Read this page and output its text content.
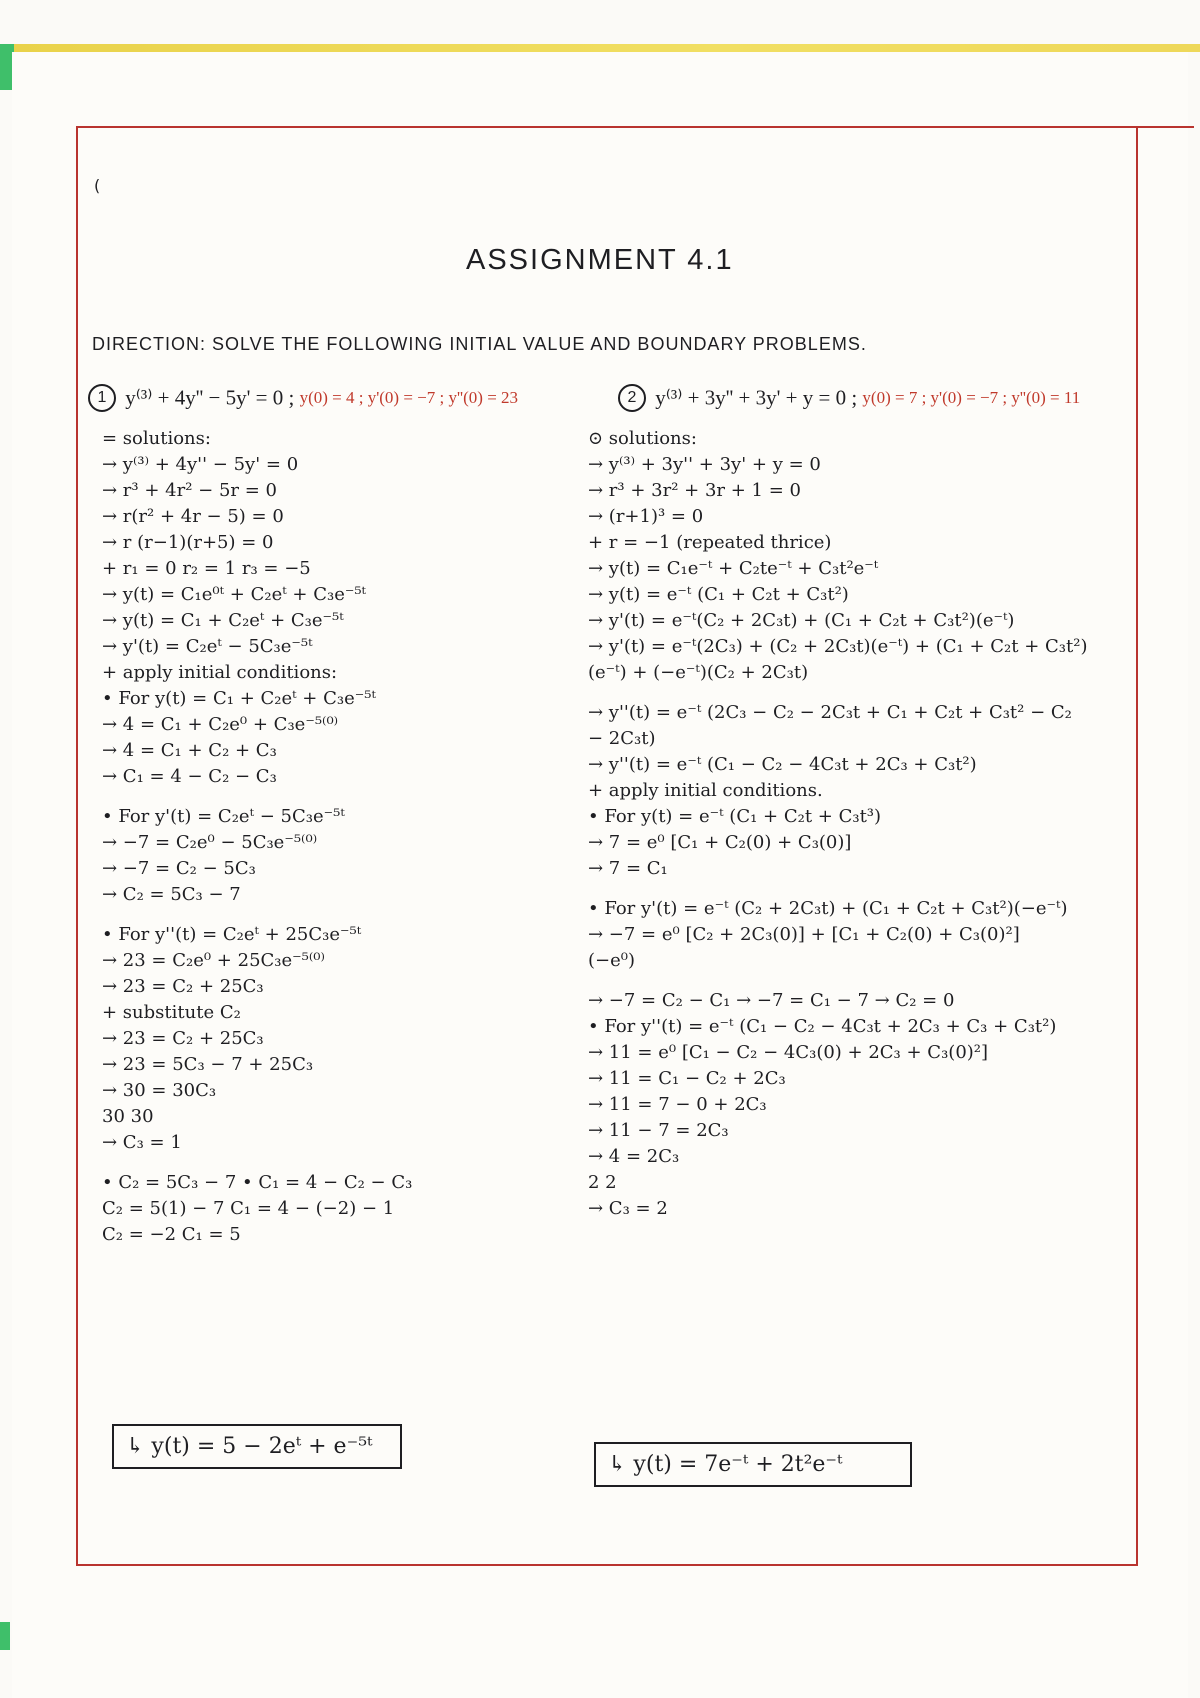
(
ASSIGNMENT 4.1
DIRECTION: SOLVE THE FOLLOWING INITIAL VALUE AND BOUNDARY PROBLEMS.
1 y⁽³⁾ + 4y'' − 5y' = 0 ; y(0) = 4 ; y'(0) = −7 ; y''(0) = 23	2 y⁽³⁾ + 3y'' + 3y' + y = 0 ; y(0) = 7 ; y'(0) = −7 ; y''(0) = 11
= solutions:
→ y⁽³⁾ + 4y'' − 5y' = 0
→ r³ + 4r² − 5r = 0
→ r(r² + 4r − 5) = 0
→ r (r−1)(r+5) = 0
+ r₁ = 0 r₂ = 1 r₃ = −5
→ y(t) = C₁e⁰ᵗ + C₂eᵗ + C₃e⁻⁵ᵗ
→ y(t) = C₁ + C₂eᵗ + C₃e⁻⁵ᵗ
→ y'(t) = C₂eᵗ − 5C₃e⁻⁵ᵗ
+ apply initial conditions:
• For y(t) = C₁ + C₂eᵗ + C₃e⁻⁵ᵗ
→ 4 = C₁ + C₂e⁰ + C₃e⁻⁵⁽⁰⁾
→ 4 = C₁ + C₂ + C₃
→ C₁ = 4 − C₂ − C₃
• For y'(t) = C₂eᵗ − 5C₃e⁻⁵ᵗ
→ −7 = C₂e⁰ − 5C₃e⁻⁵⁽⁰⁾
→ −7 = C₂ − 5C₃
→ C₂ = 5C₃ − 7
• For y''(t) = C₂eᵗ + 25C₃e⁻⁵ᵗ
→ 23 = C₂e⁰ + 25C₃e⁻⁵⁽⁰⁾
→ 23 = C₂ + 25C₃
+ substitute C₂
→ 23 = C₂ + 25C₃
→ 23 = 5C₃ − 7 + 25C₃
→ 30 = 30C₃
30 30
→ C₃ = 1
• C₂ = 5C₃ − 7 • C₁ = 4 − C₂ − C₃
C₂ = 5(1) − 7 C₁ = 4 − (−2) − 1
C₂ = −2 C₁ = 5
⊙ solutions:
→ y⁽³⁾ + 3y'' + 3y' + y = 0
→ r³ + 3r² + 3r + 1 = 0
→ (r+1)³ = 0
+ r = −1 (repeated thrice)
→ y(t) = C₁e⁻ᵗ + C₂te⁻ᵗ + C₃t²e⁻ᵗ
→ y(t) = e⁻ᵗ (C₁ + C₂t + C₃t²)
→ y'(t) = e⁻ᵗ(C₂ + 2C₃t) + (C₁ + C₂t + C₃t²)(e⁻ᵗ)
→ y'(t) = e⁻ᵗ(2C₃) + (C₂ + 2C₃t)(e⁻ᵗ) + (C₁ + C₂t + C₃t²)
(e⁻ᵗ) + (−e⁻ᵗ)(C₂ + 2C₃t)
→ y''(t) = e⁻ᵗ (2C₃ − C₂ − 2C₃t + C₁ + C₂t + C₃t² − C₂
− 2C₃t)
→ y''(t) = e⁻ᵗ (C₁ − C₂ − 4C₃t + 2C₃ + C₃t²)
+ apply initial conditions.
• For y(t) = e⁻ᵗ (C₁ + C₂t + C₃t³)
→ 7 = e⁰ [C₁ + C₂(0) + C₃(0)]
→ 7 = C₁
• For y'(t) = e⁻ᵗ (C₂ + 2C₃t) + (C₁ + C₂t + C₃t²)(−e⁻ᵗ)
→ −7 = e⁰ [C₂ + 2C₃(0)] + [C₁ + C₂(0) + C₃(0)²]
(−e⁰)
→ −7 = C₂ − C₁ → −7 = C₁ − 7 → C₂ = 0
• For y''(t) = e⁻ᵗ (C₁ − C₂ − 4C₃t + 2C₃ + C₃ + C₃t²)
→ 11 = e⁰ [C₁ − C₂ − 4C₃(0) + 2C₃ + C₃(0)²]
→ 11 = C₁ − C₂ + 2C₃
→ 11 = 7 − 0 + 2C₃
→ 11 − 7 = 2C₃
→ 4 = 2C₃
2 2
→ C₃ = 2
↳ y(t) = 5 − 2eᵗ + e⁻⁵ᵗ
↳ y(t) = 7e⁻ᵗ + 2t²e⁻ᵗ
